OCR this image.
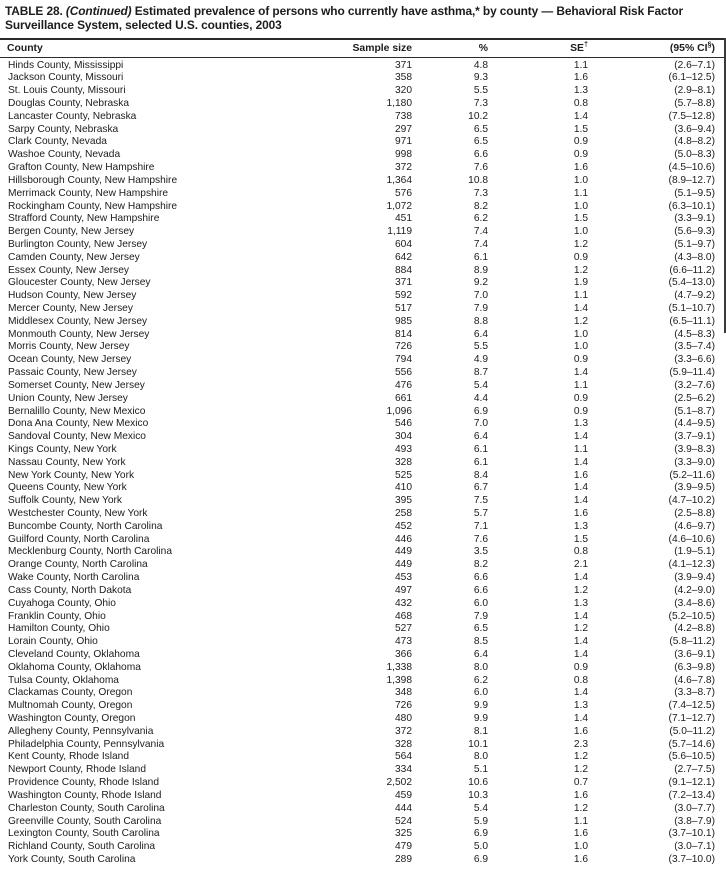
TABLE 28. (Continued) Estimated prevalence of persons who currently have asthma,* by county — Behavioral Risk Factor
Surveillance System, selected U.S. counties, 2003
County	Sample size	%	SE†	(95% CI§)
Hinds County, Mississippi	371	4.8	1.1	(2.6–7.1)
Jackson County, Missouri	358	9.3	1.6	(6.1–12.5)
St. Louis County, Missouri	320	5.5	1.3	(2.9–8.1)
Douglas County, Nebraska	1,180	7.3	0.8	(5.7–8.8)
Lancaster County, Nebraska	738	10.2	1.4	(7.5–12.8)
Sarpy County, Nebraska	297	6.5	1.5	(3.6–9.4)
Clark County, Nevada	971	6.5	0.9	(4.8–8.2)
Washoe County, Nevada	998	6.6	0.9	(5.0–8.3)
Grafton County, New Hampshire	372	7.6	1.6	(4.5–10.6)
Hillsborough County, New Hampshire	1,364	10.8	1.0	(8.9–12.7)
Merrimack County, New Hampshire	576	7.3	1.1	(5.1–9.5)
Rockingham County, New Hampshire	1,072	8.2	1.0	(6.3–10.1)
Strafford County, New Hampshire	451	6.2	1.5	(3.3–9.1)
Bergen County, New Jersey	1,119	7.4	1.0	(5.6–9.3)
Burlington County, New Jersey	604	7.4	1.2	(5.1–9.7)
Camden County, New Jersey	642	6.1	0.9	(4.3–8.0)
Essex County, New Jersey	884	8.9	1.2	(6.6–11.2)
Gloucester County, New Jersey	371	9.2	1.9	(5.4–13.0)
Hudson County, New Jersey	592	7.0	1.1	(4.7–9.2)
Mercer County, New Jersey	517	7.9	1.4	(5.1–10.7)
Middlesex County, New Jersey	985	8.8	1.2	(6.5–11.1)
Monmouth County, New Jersey	814	6.4	1.0	(4.5–8.3)
Morris County, New Jersey	726	5.5	1.0	(3.5–7.4)
Ocean County, New Jersey	794	4.9	0.9	(3.3–6.6)
Passaic County, New Jersey	556	8.7	1.4	(5.9–11.4)
Somerset County, New Jersey	476	5.4	1.1	(3.2–7.6)
Union County, New Jersey	661	4.4	0.9	(2.5–6.2)
Bernalillo County, New Mexico	1,096	6.9	0.9	(5.1–8.7)
Dona Ana County, New Mexico	546	7.0	1.3	(4.4–9.5)
Sandoval County, New Mexico	304	6.4	1.4	(3.7–9.1)
Kings County, New York	493	6.1	1.1	(3.9–8.3)
Nassau County, New York	328	6.1	1.4	(3.3–9.0)
New York County, New York	525	8.4	1.6	(5.2–11.6)
Queens County, New York	410	6.7	1.4	(3.9–9.5)
Suffolk County, New York	395	7.5	1.4	(4.7–10.2)
Westchester County, New York	258	5.7	1.6	(2.5–8.8)
Buncombe County, North Carolina	452	7.1	1.3	(4.6–9.7)
Guilford County, North Carolina	446	7.6	1.5	(4.6–10.6)
Mecklenburg County, North Carolina	449	3.5	0.8	(1.9–5.1)
Orange County, North Carolina	449	8.2	2.1	(4.1–12.3)
Wake County, North Carolina	453	6.6	1.4	(3.9–9.4)
Cass County, North Dakota	497	6.6	1.2	(4.2–9.0)
Cuyahoga County, Ohio	432	6.0	1.3	(3.4–8.6)
Franklin County, Ohio	468	7.9	1.4	(5.2–10.5)
Hamilton County, Ohio	527	6.5	1.2	(4.2–8.8)
Lorain County, Ohio	473	8.5	1.4	(5.8–11.2)
Cleveland County, Oklahoma	366	6.4	1.4	(3.6–9.1)
Oklahoma County, Oklahoma	1,338	8.0	0.9	(6.3–9.8)
Tulsa County, Oklahoma	1,398	6.2	0.8	(4.6–7.8)
Clackamas County, Oregon	348	6.0	1.4	(3.3–8.7)
Multnomah County, Oregon	726	9.9	1.3	(7.4–12.5)
Washington County, Oregon	480	9.9	1.4	(7.1–12.7)
Allegheny County, Pennsylvania	372	8.1	1.6	(5.0–11.2)
Philadelphia County, Pennsylvania	328	10.1	2.3	(5.7–14.6)
Kent County, Rhode Island	564	8.0	1.2	(5.6–10.5)
Newport County, Rhode Island	334	5.1	1.2	(2.7–7.5)
Providence County, Rhode Island	2,502	10.6	0.7	(9.1–12.1)
Washington County, Rhode Island	459	10.3	1.6	(7.2–13.4)
Charleston County, South Carolina	444	5.4	1.2	(3.0–7.7)
Greenville County, South Carolina	524	5.9	1.1	(3.8–7.9)
Lexington County, South Carolina	325	6.9	1.6	(3.7–10.1)
Richland County, South Carolina	479	5.0	1.0	(3.0–7.1)
York County, South Carolina	289	6.9	1.6	(3.7–10.0)
